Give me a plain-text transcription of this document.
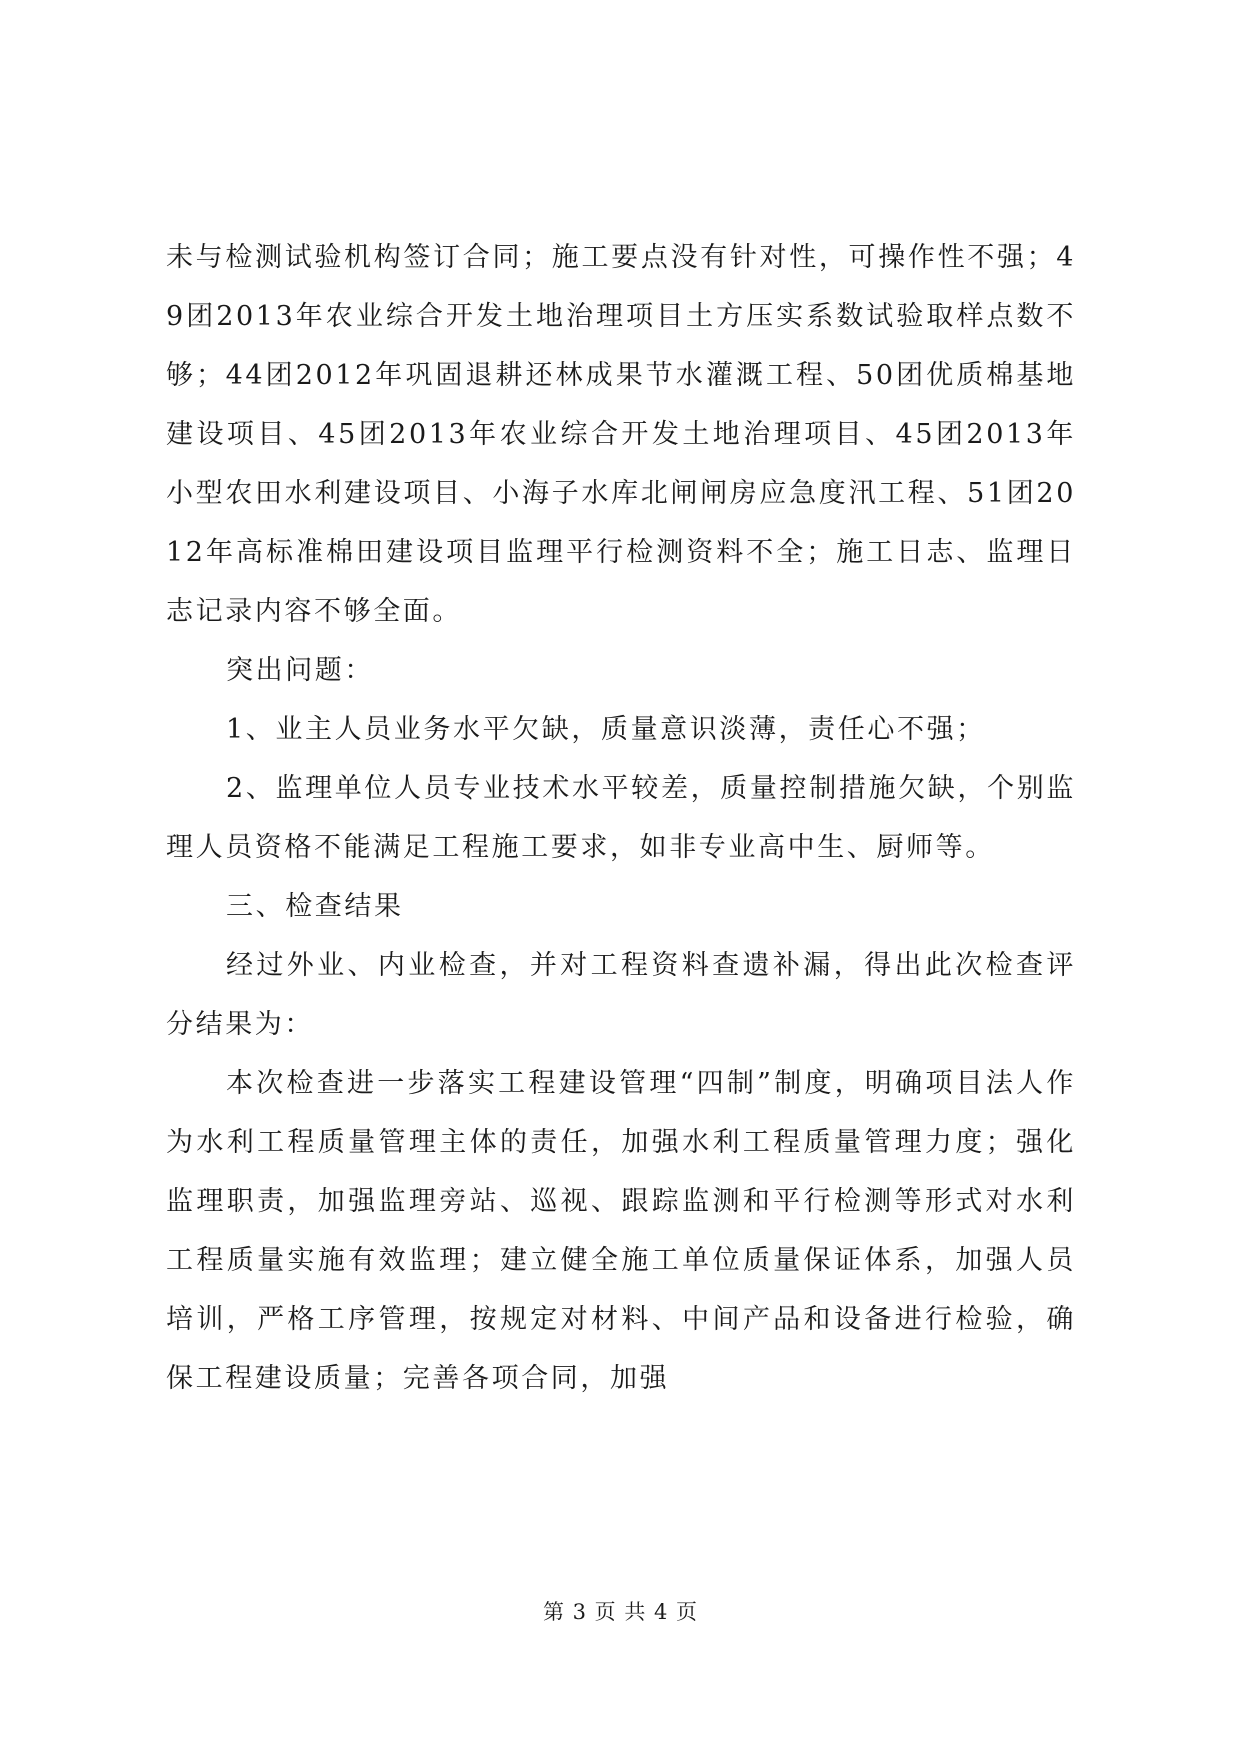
未与检测试验机构签订合同；施工要点没有针对性，可操作性不强；49团2013年农业综合开发土地治理项目土方压实系数试验取样点数不够；44团2012年巩固退耕还林成果节水灌溉工程、50团优质棉基地建设项目、45团2013年农业综合开发土地治理项目、45团2013年小型农田水利建设项目、小海子水库北闸闸房应急度汛工程、51团2012年高标准棉田建设项目监理平行检测资料不全；施工日志、监理日志记录内容不够全面。

突出问题：

1、业主人员业务水平欠缺，质量意识淡薄，责任心不强；

2、监理单位人员专业技术水平较差，质量控制措施欠缺，个别监理人员资格不能满足工程施工要求，如非专业高中生、厨师等。

三、检查结果

经过外业、内业检查，并对工程资料查遗补漏，得出此次检查评分结果为：

本次检查进一步落实工程建设管理“四制”制度，明确项目法人作为水利工程质量管理主体的责任，加强水利工程质量管理力度；强化监理职责，加强监理旁站、巡视、跟踪监测和平行检测等形式对水利工程质量实施有效监理；建立健全施工单位质量保证体系，加强人员培训，严格工序管理，按规定对材料、中间产品和设备进行检验，确保工程建设质量；完善各项合同，加强

第 3 页 共 4 页
